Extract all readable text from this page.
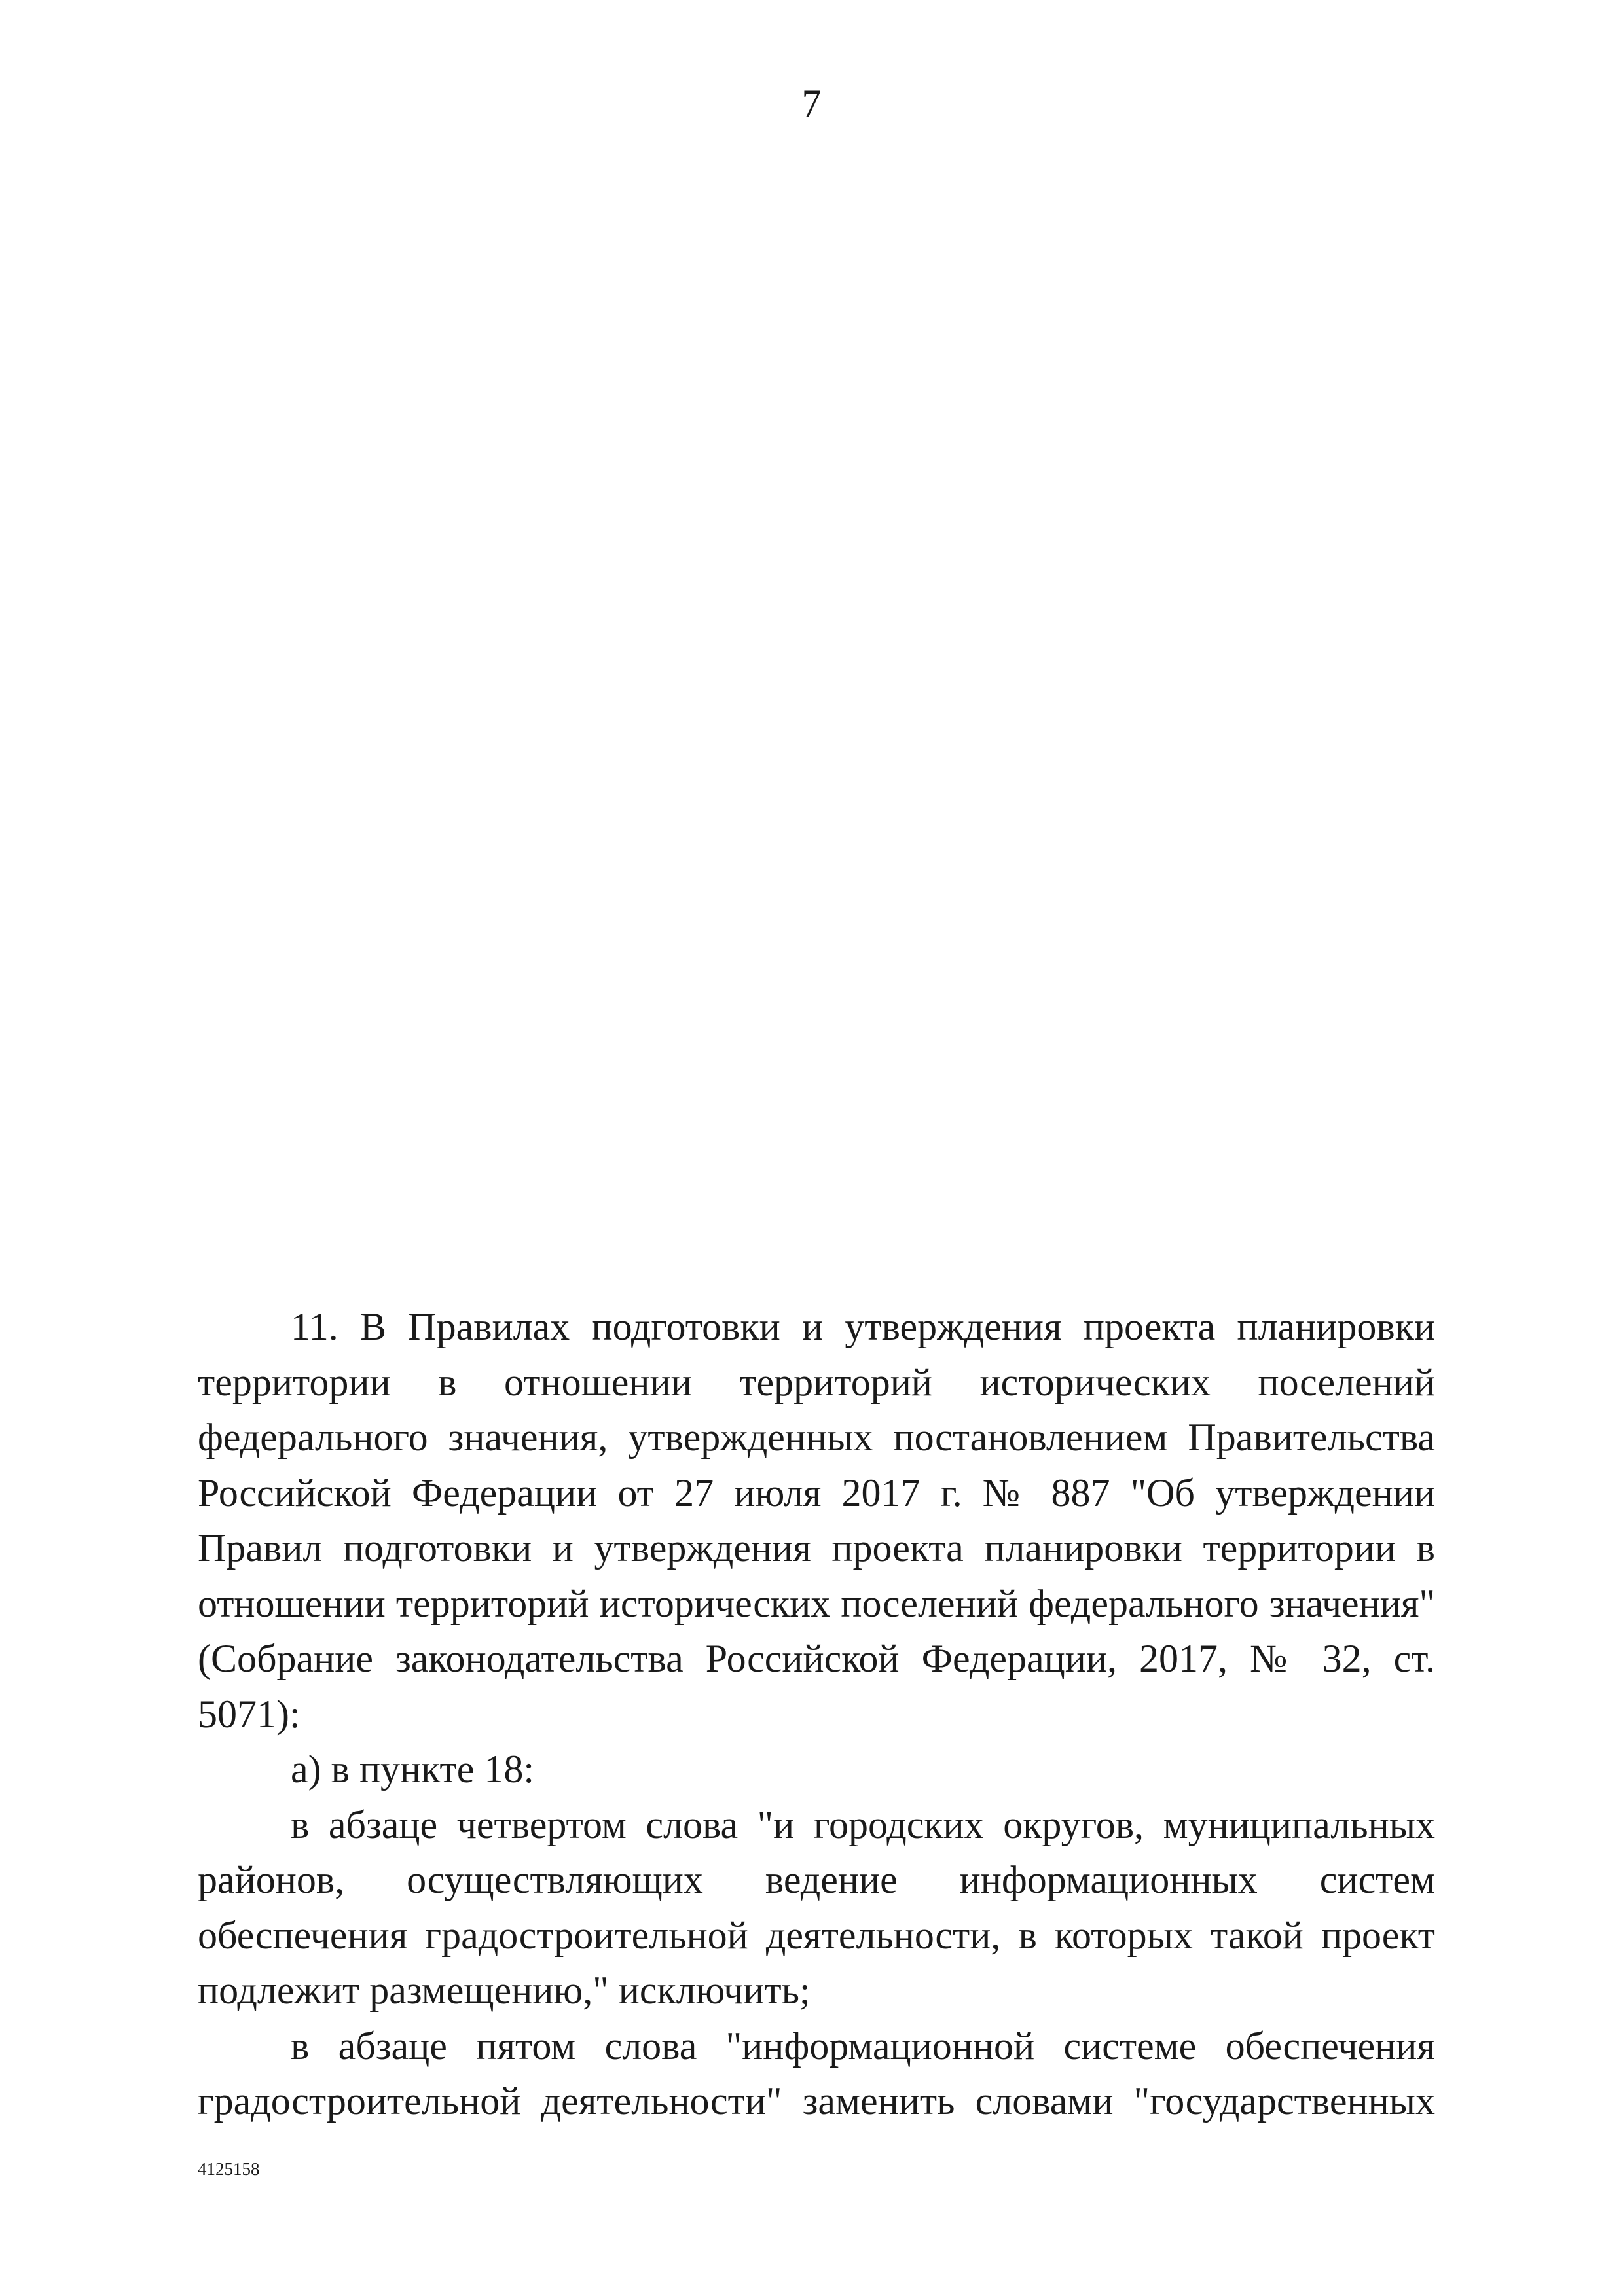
7

11. В Правилах подготовки и утверждения проекта планировки территории в отношении территорий исторических поселений федерального значения, утвержденных постановлением Правительства Российской Федерации от 27 июля 2017 г. № 887 "Об утверждении Правил подготовки и утверждения проекта планировки территории в отношении территорий исторических поселений федерального значения" (Собрание законодательства Российской Федерации, 2017, № 32, ст. 5071):

а) в пункте 18:

в абзаце четвертом слова "и городских округов, муниципальных районов, осуществляющих ведение информационных систем обеспечения градостроительной деятельности, в которых такой проект подлежит размещению," исключить;

в абзаце пятом слова "информационной системе обеспечения градостроительной деятельности" заменить словами "государственных

4125158
